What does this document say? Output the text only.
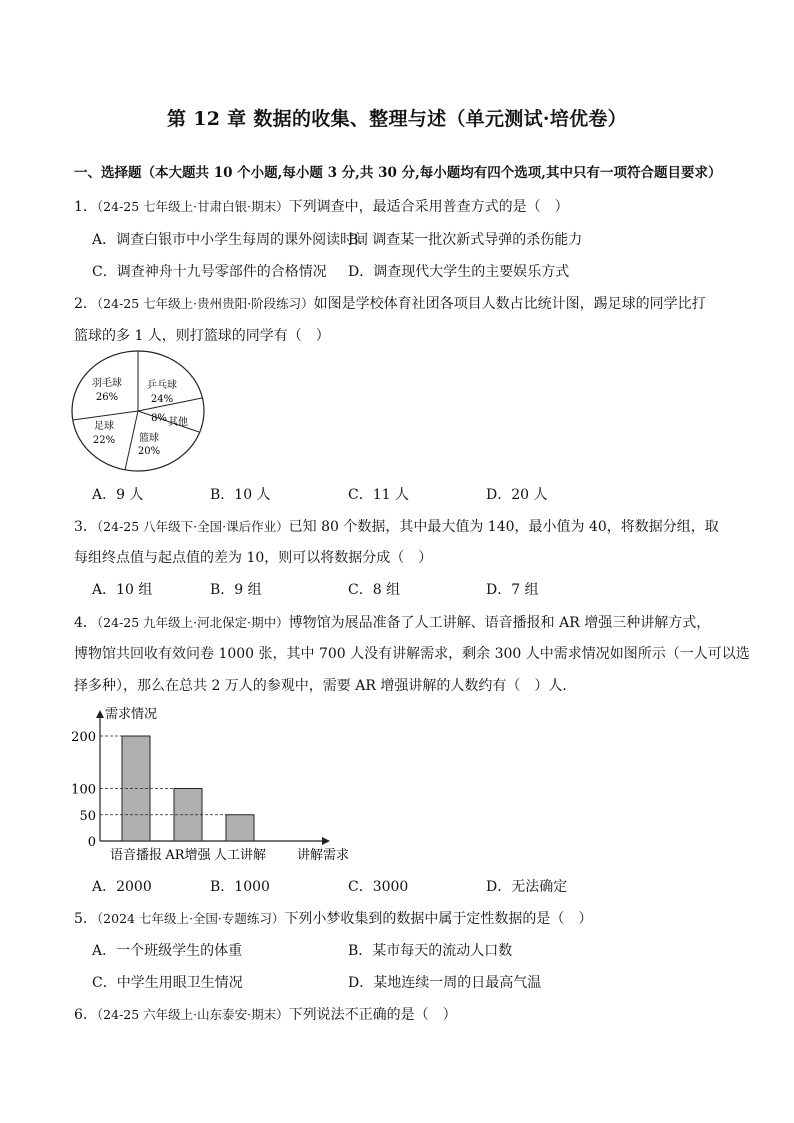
第 12 章 数据的收集、整理与述（单元测试·培优卷）
一、选择题（本大题共 10 个小题,每小题 3 分,共 30 分,每小题均有四个选项,其中只有一项符合题目要求）
1．（24-25 七年级上·甘肃白银·期末）下列调查中，最适合采用普查方式的是（　）
A．调查白银市中小学生每周的课外阅读时间
B．调查某一批次新式导弹的杀伤能力
C．调查神舟十九号零部件的合格情况 D．调查现代大学生的主要娱乐方式
2．（24-25 七年级上·贵州贵阳·阶段练习）如图是学校体育社团各项目人数占比统计图，踢足球的同学比打
篮球的多 1 人，则打篮球的同学有（　）
羽毛球
26%
乒乓球
24%
8% 其他
篮球
20%
足球
22%
A．9 人	B．10 人	C．11 人	D．20 人
3．（24-25 八年级下·全国·课后作业）已知 80 个数据，其中最大值为 140，最小值为 40，将数据分组，取
每组终点值与起点值的差为 10，则可以将数据分成（　）
A．10 组	B．9 组	C．8 组	D．7 组
4．（24-25 九年级上·河北保定·期中）博物馆为展品准备了人工讲解、语音播报和 AR 增强三种讲解方式，
博物馆共回收有效问卷 1000 张，其中 700 人没有讲解需求，剩余 300 人中需求情况如图所示（一人可以选
择多种），那么在总共 2 万人的参观中，需要 AR 增强讲解的人数约有（　）人．
需求情况
讲解需求
200
100
50
0
语音播报 AR增强 人工讲解
A．2000	B．1000	C．3000	D．无法确定
5．（2024 七年级上·全国·专题练习）下列小梦收集到的数据中属于定性数据的是（　）
A．一个班级学生的体重	B．某市每天的流动人口数
C．中学生用眼卫生情况	D．某地连续一周的日最高气温
6．（24-25 六年级上·山东泰安·期末）下列说法不正确的是（　）
